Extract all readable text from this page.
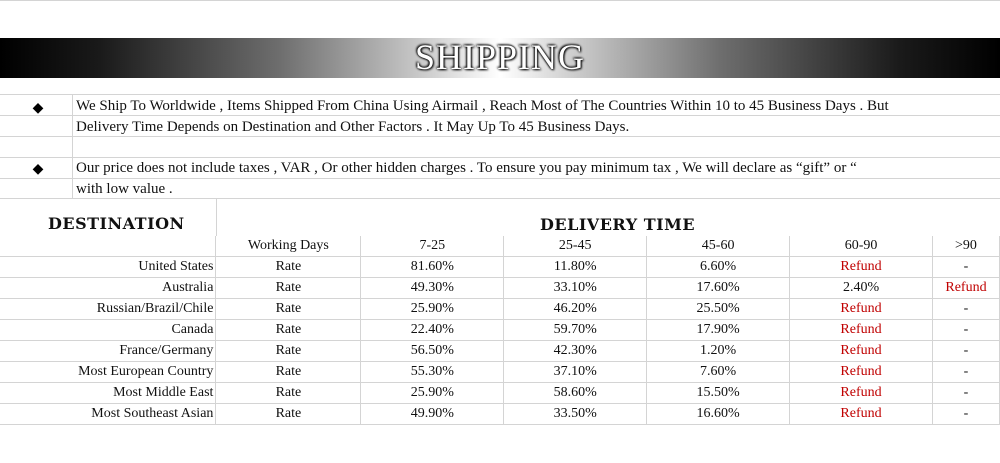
SHIPPING
◆ We Ship To Worldwide , Items Shipped From China Using Airmail , Reach Most of The Countries Within 10 to 45 Business Days . But
Delivery Time Depends on Destination and Other Factors . It May Up To 45 Business Days.
◆ Our price does not include taxes , VAR , Or other hidden charges . To ensure you pay minimum tax , We will declare as “gift” or “
with low value .
DESTINATION	DELIVERY TIME
	Working Days	7-25	25-45	45-60	60-90	>90
United States	Rate	81.60%	11.80%	6.60%	Refund	-
Australia	Rate	49.30%	33.10%	17.60%	2.40%	Refund
Russian/Brazil/Chile	Rate	25.90%	46.20%	25.50%	Refund	-
Canada	Rate	22.40%	59.70%	17.90%	Refund	-
France/Germany	Rate	56.50%	42.30%	1.20%	Refund	-
Most European Country	Rate	55.30%	37.10%	7.60%	Refund	-
Most Middle East	Rate	25.90%	58.60%	15.50%	Refund	-
Most Southeast Asian	Rate	49.90%	33.50%	16.60%	Refund	-
